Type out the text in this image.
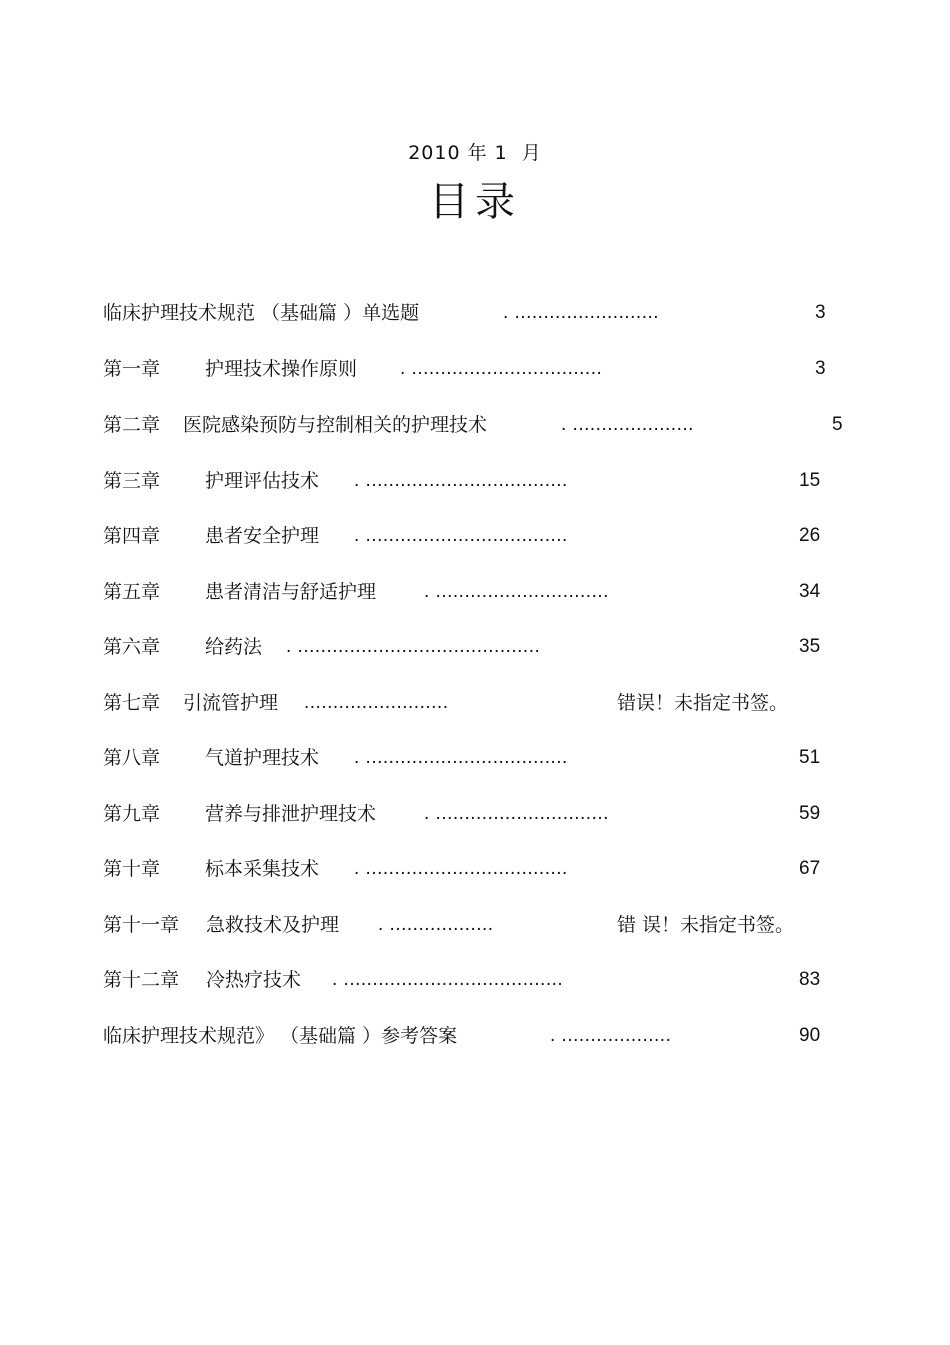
2010 年 1  月
目录
临床护理技术规范 （基础篇 ）单选题	. .........................	3
第一章 护理技术操作原则 . .................................	3
第二章 医院感染预防与控制相关的护理技术	. .....................	5
第三章 护理评估技术 . ...................................	15
第四章 患者安全护理 . ...................................	26
第五章 患者清洁与舒适护理	. ..............................	34
第六章 给药法 . ..........................................	35
第七章 引流管护理 .........................	错误！未指定书签。
第八章 气道护理技术 . ...................................	51
第九章 营养与排泄护理技术	. ..............................	59
第十章 标本采集技术 . ...................................	67
第十一章 急救技术及护理 . ..................	错 误！未指定书签。
第十二章 冷热疗技术 . ......................................	83
临床护理技术规范》 （基础篇 ）参考答案	. ...................	90
